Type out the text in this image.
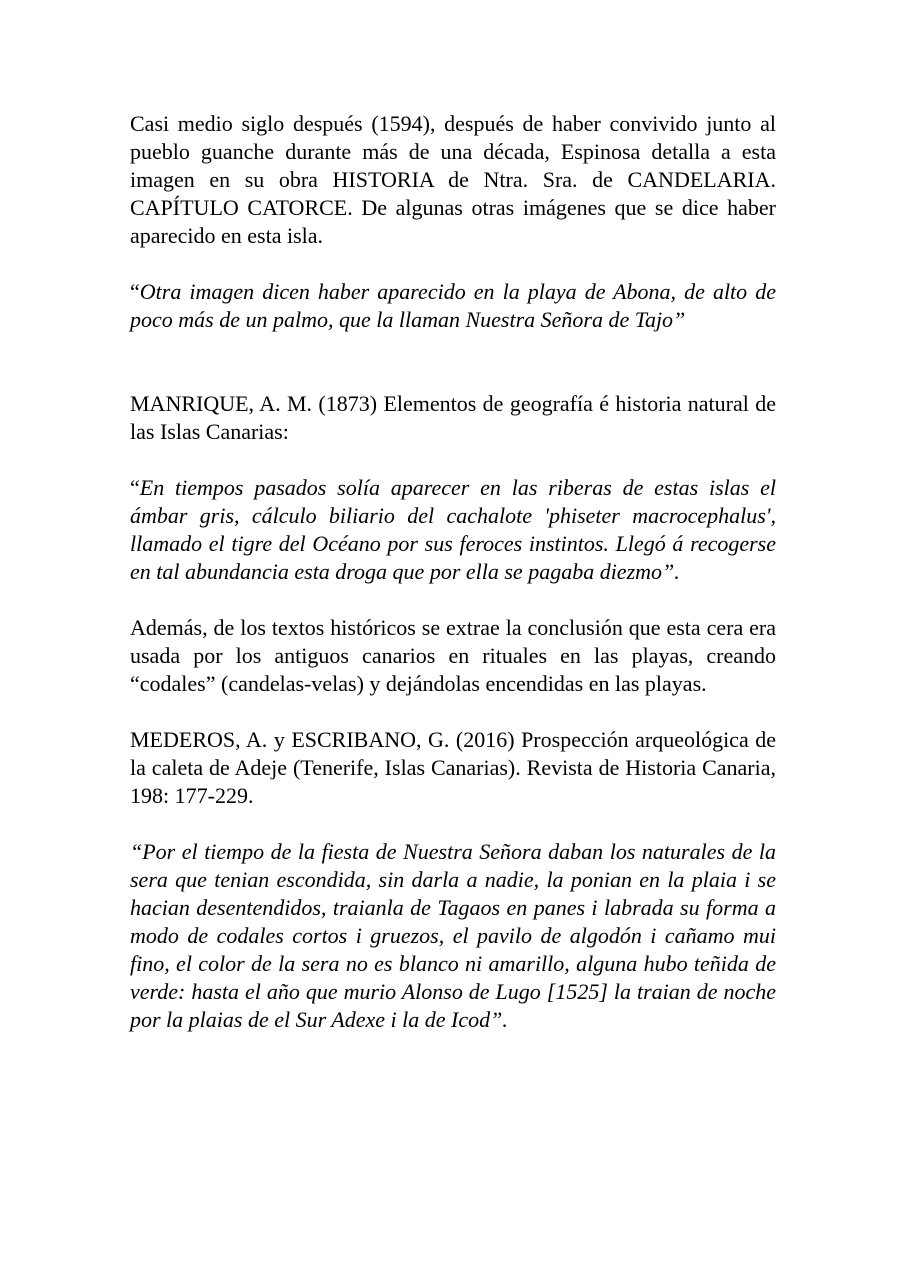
Casi medio siglo después (1594), después de haber convivido junto al pueblo guanche durante más de una década, Espinosa detalla a esta imagen en su obra HISTORIA de Ntra. Sra. de CANDELARIA. CAPÍTULO CATORCE. De algunas otras imágenes que se dice haber aparecido en esta isla.

“Otra imagen dicen haber aparecido en la playa de Abona, de alto de poco más de un palmo, que la llaman Nuestra Señora de Tajo”

MANRIQUE, A. M. (1873) Elementos de geografía é historia natural de las Islas Canarias:

“En tiempos pasados solía aparecer en las riberas de estas islas el ámbar gris, cálculo biliario del cachalote 'phiseter macrocephalus', llamado el tigre del Océano por sus feroces instintos. Llegó á recogerse en tal abundancia esta droga que por ella se pagaba diezmo”.

Además, de los textos históricos se extrae la conclusión que esta cera era usada por los antiguos canarios en rituales en las playas, creando “codales” (candelas-velas) y dejándolas encendidas en las playas.

MEDEROS, A. y ESCRIBANO, G. (2016) Prospección arqueológica de la caleta de Adeje (Tenerife, Islas Canarias). Revista de Historia Canaria, 198: 177-229.

“Por el tiempo de la fiesta de Nuestra Señora daban los naturales de la sera que tenian escondida, sin darla a nadie, la ponian en la plaia i se hacian desentendidos, traianla de Tagaos en panes i labrada su forma a modo de codales cortos i gruezos, el pavilo de algodón i cañamo mui fino, el color de la sera no es blanco ni amarillo, alguna hubo teñida de verde: hasta el año que murio Alonso de Lugo [1525] la traian de noche por la plaias de el Sur Adexe i la de Icod”.
